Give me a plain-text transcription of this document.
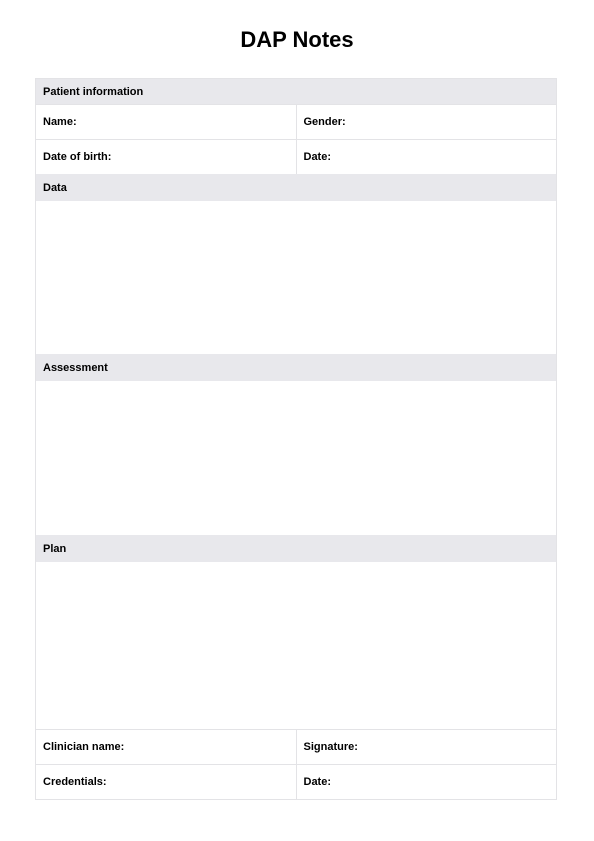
DAP Notes
Patient information
Name:	Gender:
Date of birth:	Date:
Data
Assessment
Plan
Clinician name:	Signature:
Credentials:	Date:
